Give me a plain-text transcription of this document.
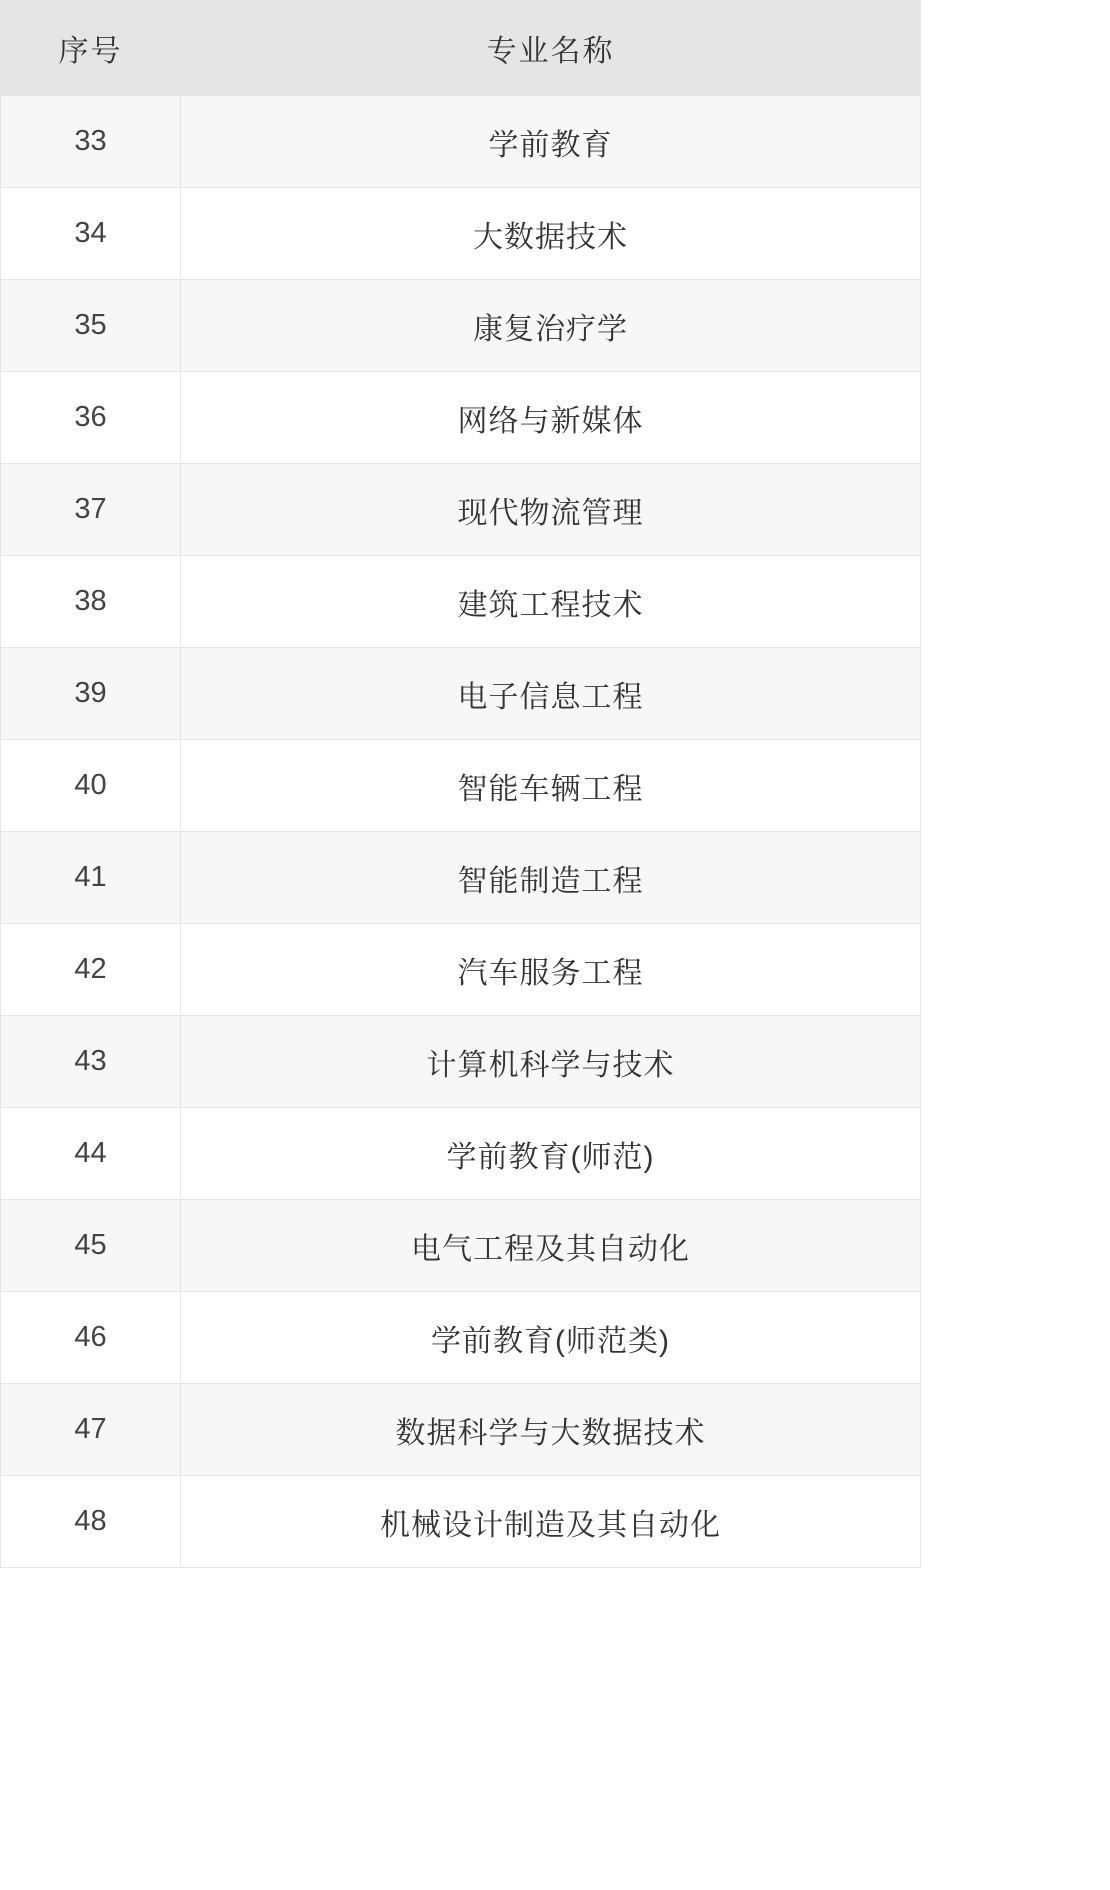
序号	专业名称
33	学前教育
34	大数据技术
35	康复治疗学
36	网络与新媒体
37	现代物流管理
38	建筑工程技术
39	电子信息工程
40	智能车辆工程
41	智能制造工程
42	汽车服务工程
43	计算机科学与技术
44	学前教育(师范)
45	电气工程及其自动化
46	学前教育(师范类)
47	数据科学与大数据技术
48	机械设计制造及其自动化
